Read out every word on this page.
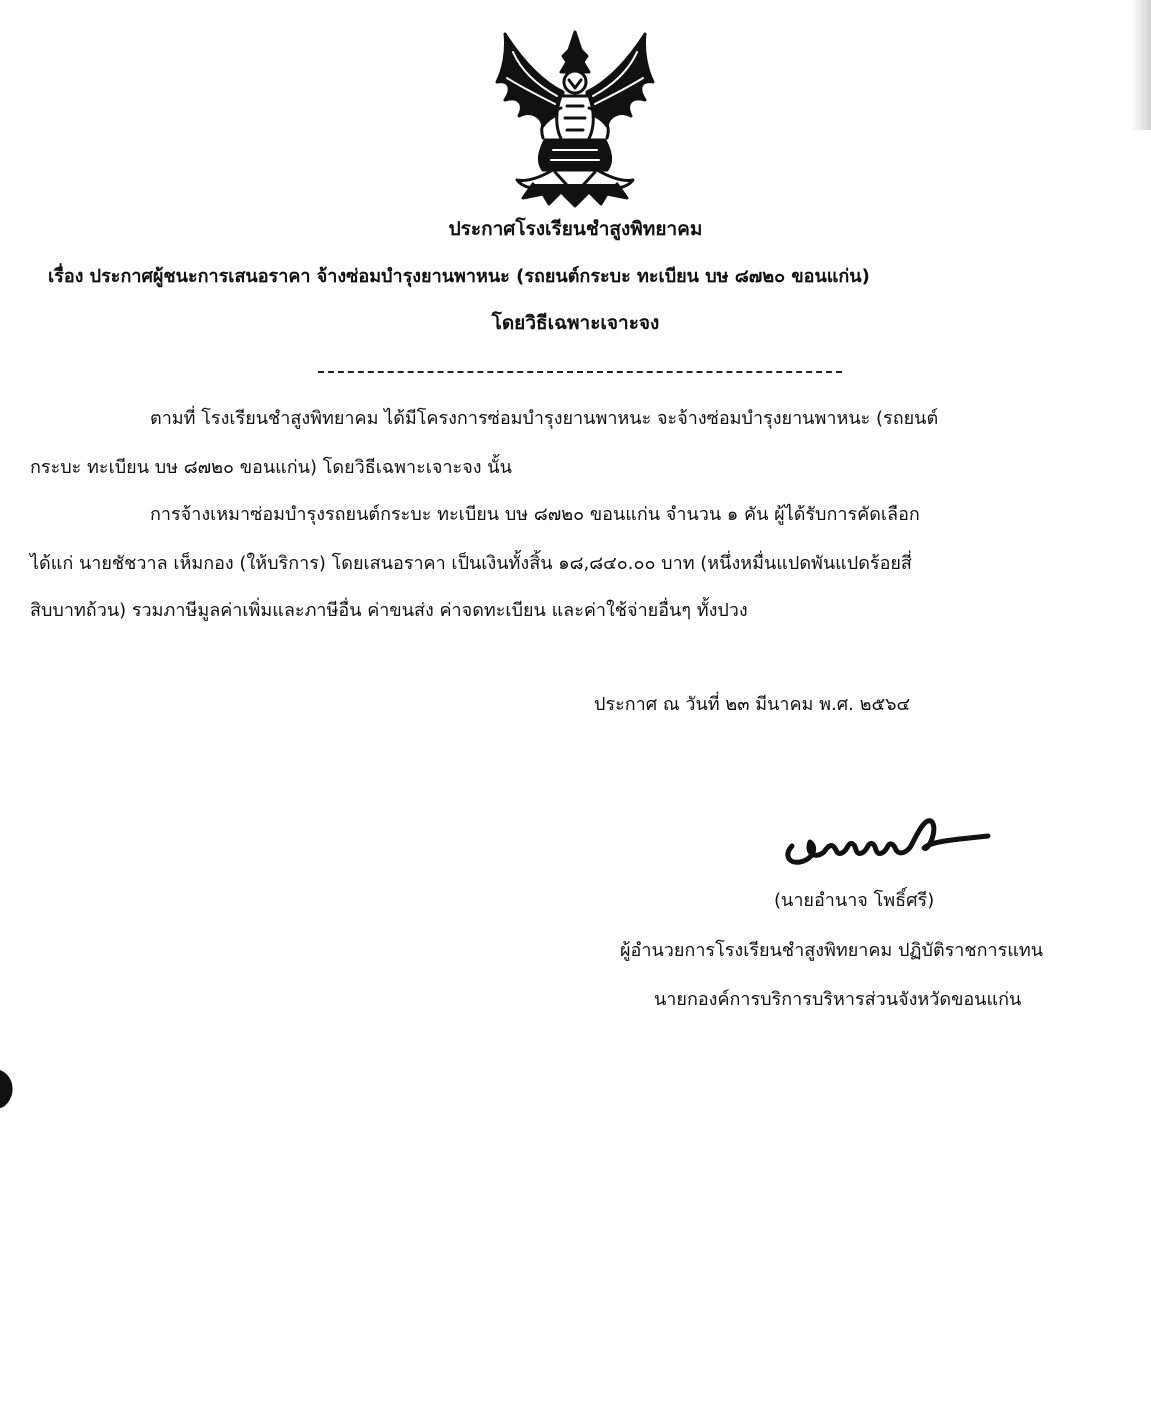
ประกาศโรงเรียนชำสูงพิทยาคม
เรื่อง ประกาศผู้ชนะการเสนอราคา จ้างซ่อมบำรุงยานพาหนะ (รถยนต์กระบะ ทะเบียน บษ ๘๗๒๐ ขอนแก่น)
โดยวิธีเฉพาะเจาะจง
ตามที่ โรงเรียนชำสูงพิทยาคม ได้มีโครงการซ่อมบำรุงยานพาหนะ จะจ้างซ่อมบำรุงยานพาหนะ (รถยนต์
กระบะ ทะเบียน บษ ๘๗๒๐ ขอนแก่น) โดยวิธีเฉพาะเจาะจง นั้น
การจ้างเหมาซ่อมบำรุงรถยนต์กระบะ ทะเบียน บษ ๘๗๒๐ ขอนแก่น จำนวน ๑ คัน ผู้ได้รับการคัดเลือก
ได้แก่ นายชัชวาล เห็มกอง (ให้บริการ) โดยเสนอราคา เป็นเงินทั้งสิ้น ๑๘,๘๔๐.๐๐ บาท (หนึ่งหมื่นแปดพันแปดร้อยสี่
สิบบาทถ้วน) รวมภาษีมูลค่าเพิ่มและภาษีอื่น ค่าขนส่ง ค่าจดทะเบียน และค่าใช้จ่ายอื่นๆ ทั้งปวง
ประกาศ ณ วันที่ ๒๓ มีนาคม พ.ศ. ๒๕๖๔
(นายอำนาจ โพธิ์ศรี)
ผู้อำนวยการโรงเรียนชำสูงพิทยาคม ปฏิบัติราชการแทน
นายกองค์การบริการบริหารส่วนจังหวัดขอนแก่น
